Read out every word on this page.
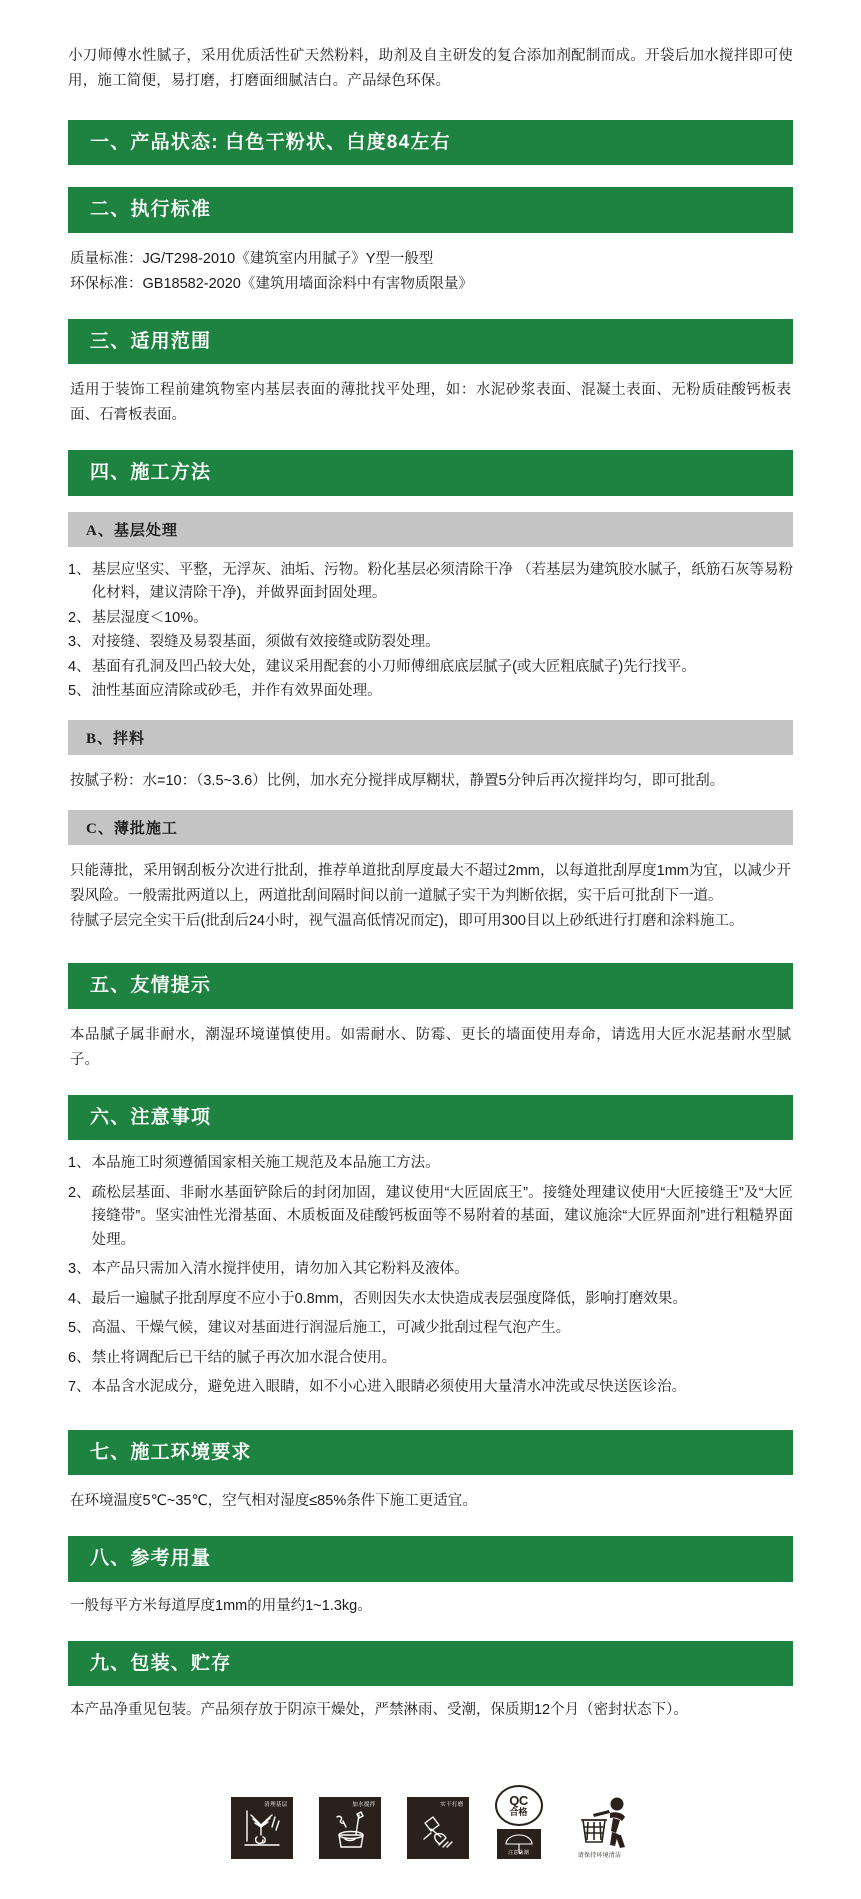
小刀师傅水性腻子，采用优质活性矿天然粉料，助剂及自主研发的复合添加剂配制而成。开袋后加水搅拌即可使用，施工简便，易打磨，打磨面细腻洁白。产品绿色环保。

一、产品状态: 白色干粉状、白度84左右
二、执行标准

质量标准：JG/T298-2010《建筑室内用腻子》Y型一般型

环保标准：GB18582-2020《建筑用墙面涂料中有害物质限量》

三、适用范围
适用于装饰工程前建筑物室内基层表面的薄批找平处理，如：水泥砂浆表面、混凝土表面、无粉质硅酸钙板表面、石膏板表面。
四、施工方法
A、基层处理
1、 基层应坚实、平整，无浮灰、油垢、污物。粉化基层必须清除干净 （若基层为建筑胶水腻子，纸筋石灰等易粉化材料，建议清除干净)，并做界面封固处理。
2、 基层湿度＜10%。
3、 对接缝、裂缝及易裂基面，须做有效接缝或防裂处理。
4、 基面有孔洞及凹凸较大处，建议采用配套的小刀师傅细底底层腻子(或大匠粗底腻子)先行找平。
5、 油性基面应清除或砂毛，并作有效界面处理。
B、拌料
按腻子粉：水=10：（3.5~3.6）比例，加水充分搅拌成厚糊状，静置5分钟后再次搅拌均匀，即可批刮。
C、薄批施工

只能薄批，采用钢刮板分次进行批刮，推荐单道批刮厚度最大不超过2mm，以每道批刮厚度1mm为宜，以减少开裂风险。一般需批两道以上，两道批刮间隔时间以前一道腻子实干为判断依据，实干后可批刮下一道。

待腻子层完全实干后(批刮后24小时，视气温高低情况而定)，即可用300目以上砂纸进行打磨和涂料施工。

五、友情提示
本品腻子属非耐水，潮湿环境谨慎使用。如需耐水、防霉、更长的墙面使用寿命，请选用大匠水泥基耐水型腻子。
六、注意事项
1、 本品施工时须遵循国家相关施工规范及本品施工方法。
2、 疏松层基面、非耐水基面铲除后的封闭加固，建议使用“大匠固底王”。接缝处理建议使用“大匠接缝王”及“大匠接缝带”。坚实油性光滑基面、木质板面及硅酸钙板面等不易附着的基面，建议施涂“大匠界面剂”进行粗糙界面处理。
3、 本产品只需加入清水搅拌使用，请勿加入其它粉料及液体。
4、 最后一遍腻子批刮厚度不应小于0.8mm，否则因失水太快造成表层强度降低，影响打磨效果。
5、 高温、干燥气候，建议对基面进行润湿后施工，可减少批刮过程气泡产生。
6、 禁止将调配后已干结的腻子再次加水混合使用。
7、 本品含水泥成分，避免进入眼睛，如不小心进入眼睛必须使用大量清水冲洗或尽快送医诊治。
七、施工环境要求
在环境温度5℃~35℃，空气相对湿度≤85%条件下施工更适宜。
八、参考用量
一般每平方米每道厚度1mm的用量约1~1.3kg。
九、包装、贮存
本产品净重见包装。产品须存放于阴凉干燥处，严禁淋雨、受潮，保质期12个月（密封状态下）。
清理基层	加水搅拌	实干打磨	QC
合格
注意防潮	请保持环境清洁
